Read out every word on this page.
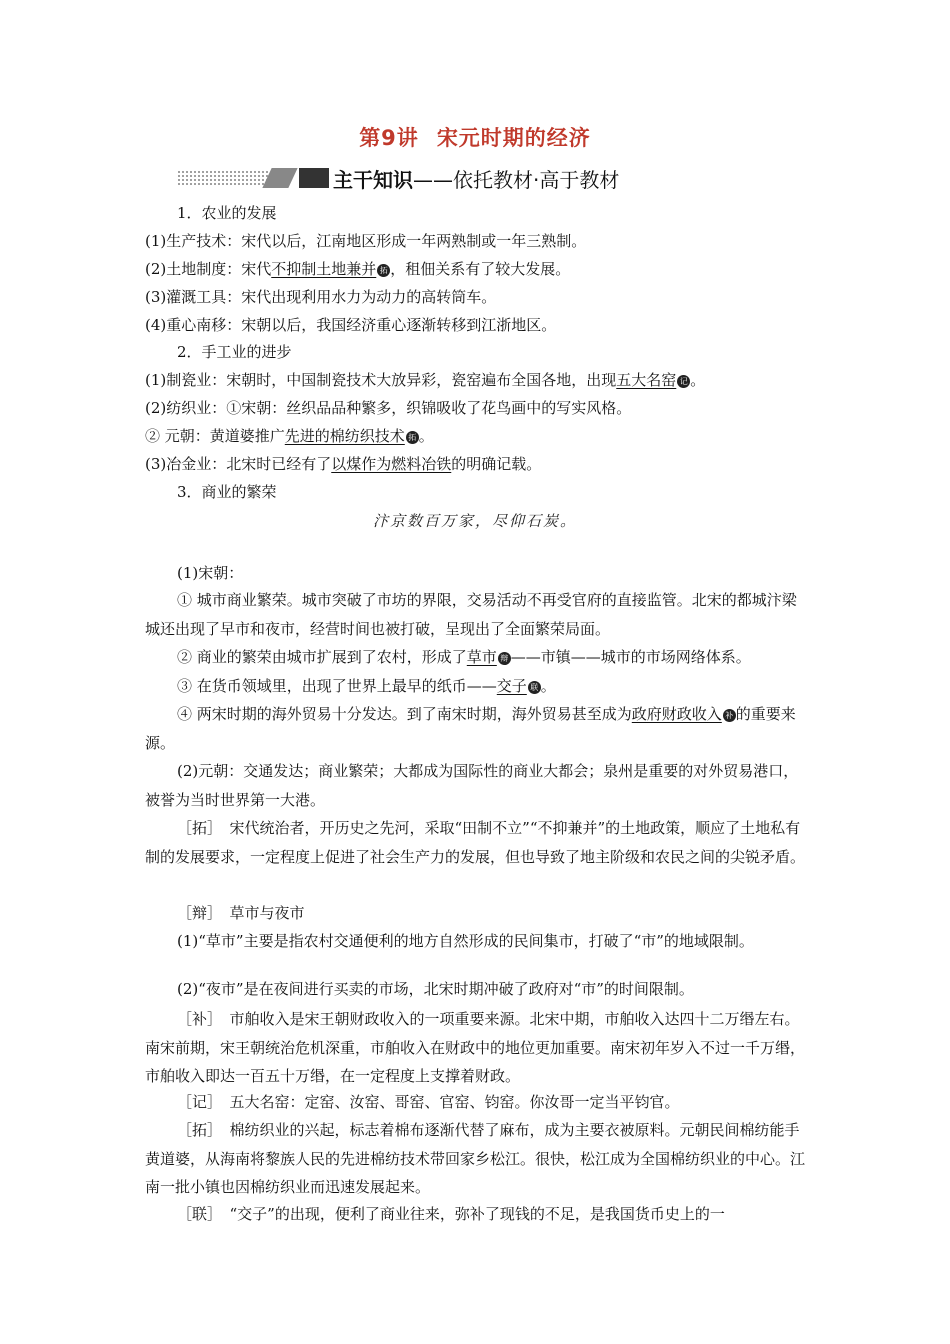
第9讲 宋元时期的经济
主干知识——依托教材·高于教材
1．农业的发展
(1)生产技术：宋代以后，江南地区形成一年两熟制或一年三熟制。
(2)土地制度：宋代不抑制土地兼并 拓 ，租佃关系有了较大发展。
(3)灌溉工具：宋代出现利用水力为动力的高转筒车。
(4)重心南移：宋朝以后，我国经济重心逐渐转移到江浙地区。
2．手工业的进步
(1)制瓷业：宋朝时，中国制瓷技术大放异彩，瓷窑遍布全国各地，出现五大名窑 记 。
(2)纺织业：①宋朝：丝织品品种繁多，织锦吸收了花鸟画中的写实风格。
② 元朝：黄道婆推广先进的棉纺织技术 拓 。
(3)冶金业：北宋时已经有了以煤作为燃料冶铁的明确记载。
3．商业的繁荣
汴京数百万家，尽仰石炭。
(1)宋朝：
① 城市商业繁荣。城市突破了市坊的界限，交易活动不再受官府的直接监管。北宋的都城汴梁城还出现了早市和夜市，经营时间也被打破，呈现出了全面繁荣局面。
② 商业的繁荣由城市扩展到了农村，形成了草市 辩 ——市镇——城市的市场网络体系。
③ 在货币领域里，出现了世界上最早的纸币——交子 联 。
④ 两宋时期的海外贸易十分发达。到了南宋时期，海外贸易甚至成为政府财政收入 补 的重要来源。
(2)元朝：交通发达；商业繁荣；大都成为国际性的商业大都会；泉州是重要的对外贸易港口，被誉为当时世界第一大港。
［拓］　宋代统治者，开历史之先河，采取“田制不立”“不抑兼并”的土地政策，顺应了土地私有制的发展要求，一定程度上促进了社会生产力的发展，但也导致了地主阶级和农民之间的尖锐矛盾。
［辩］　草市与夜市
(1)“草市”主要是指农村交通便利的地方自然形成的民间集市，打破了“市”的地域限制。
(2)“夜市”是在夜间进行买卖的市场，北宋时期冲破了政府对“市”的时间限制。
［补］　市舶收入是宋王朝财政收入的一项重要来源。北宋中期，市舶收入达四十二万缗左右。南宋前期，宋王朝统治危机深重，市舶收入在财政中的地位更加重要。南宋初年岁入不过一千万缗，市舶收入即达一百五十万缗，在一定程度上支撑着财政。
［记］　五大名窑：定窑、汝窑、哥窑、官窑、钧窑。你汝哥一定当平钧官。
［拓］　棉纺织业的兴起，标志着棉布逐渐代替了麻布，成为主要衣被原料。元朝民间棉纺能手黄道婆，从海南将黎族人民的先进棉纺技术带回家乡松江。很快，松江成为全国棉纺织业的中心。江南一批小镇也因棉纺织业而迅速发展起来。
［联］　“交子”的出现，便利了商业往来，弥补了现钱的不足，是我国货币史上的一
